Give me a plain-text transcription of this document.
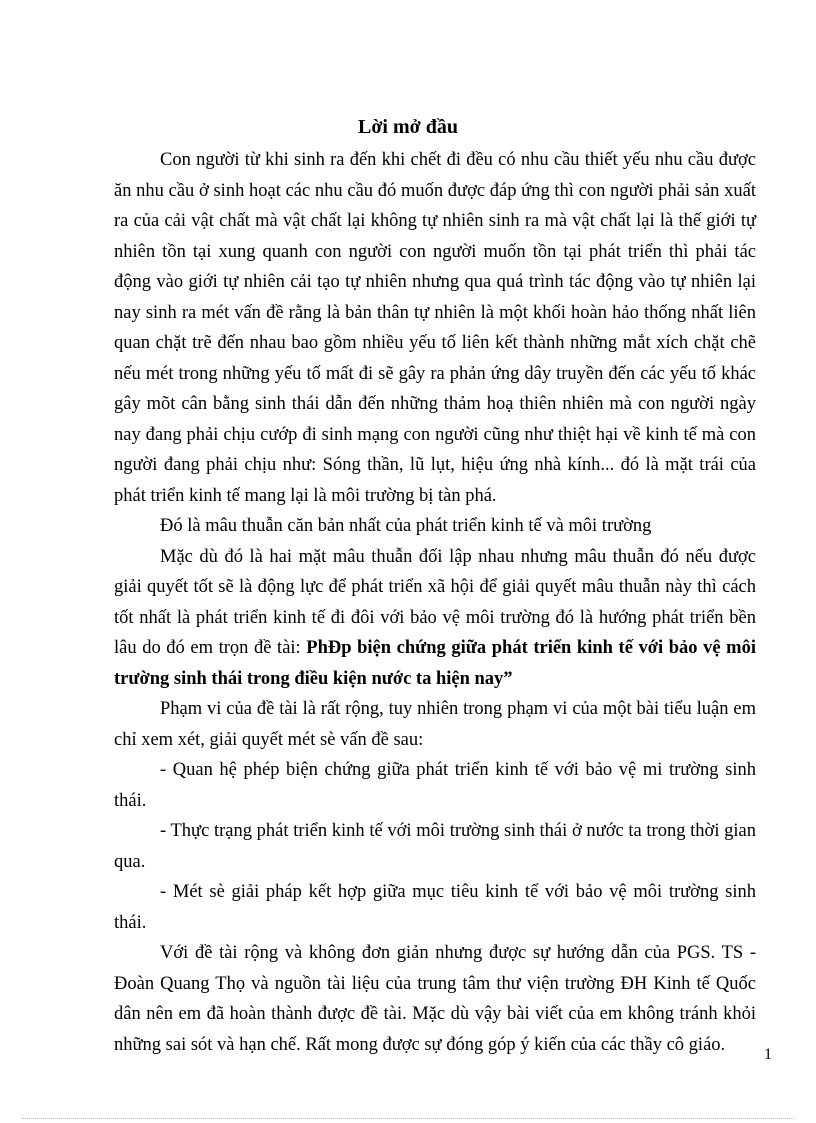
Lời mở đầu

Con người từ khi sinh ra đến khi chết đi đều có nhu cầu thiết yếu nhu cầu được ăn nhu cầu ở sinh hoạt các nhu cầu đó muốn được đáp ứng thì con người phải sản xuất ra của cải vật chất mà vật chất lại không tự nhiên sinh ra mà vật chất lại là thế giới tự nhiên tồn tại xung quanh con người con người muốn tồn tại phát triển thì phải tác động vào giới tự nhiên cải tạo tự nhiên nhưng qua quá trình tác động vào tự nhiên lại nay sinh ra mét vấn đề rằng là bản thân tự nhiên là một khối hoàn hảo thống nhất liên quan chặt trẽ đến nhau bao gồm nhiều yếu tố liên kết thành những mắt xích chặt chẽ nếu mét trong những yếu tố mất đi sẽ gây ra phản ứng dây truyền đến các yếu tố khác gây mõt cân bằng sinh thái dẫn đến những thảm hoạ thiên nhiên mà con người ngày nay đang phải chịu cướp đi sinh mạng con người cũng như thiệt hại về kinh tế mà con người đang phải chịu như: Sóng thần, lũ lụt, hiệu ứng nhà kính... đó là mặt trái của phát triển kinh tế mang lại là môi trường bị tàn phá.

Đó là mâu thuẫn căn bản nhất của phát triển kinh tế và môi trường

Mặc dù đó là hai mặt mâu thuẫn đối lập nhau nhưng mâu thuẫn đó nếu được giải quyết tốt sẽ là động lực để phát triển xã hội để giải quyết mâu thuẫn này thì cách tốt nhất là phát triển kinh tế đi đôi với bảo vệ môi trường đó là hướng phát triển bền lâu do đó em trọn đề tài: PhĐp biện chứng giữa phát triển kinh tế với bảo vệ môi trường sinh thái trong điều kiện nước ta hiện nay”

Phạm vi của đề tài là rất rộng, tuy nhiên trong phạm vi của một bài tiểu luận em chỉ xem xét, giải quyết mét sè vấn đề sau:

- Quan hệ phép biện chứng giữa phát triển kinh tế với bảo vệ mi trường sinh thái.

- Thực trạng phát triển kinh tế với môi trường sinh thái ở nước ta trong thời gian qua.

- Mét sè giải pháp kết hợp giữa mục tiêu kinh tế với bảo vệ môi trường sinh thái.

Với đề tài rộng và không đơn giản nhưng được sự hướng dẫn của PGS. TS - Đoàn Quang Thọ và nguồn tài liệu của trung tâm thư viện trường ĐH Kinh tế Quốc dân nên em đã hoàn thành được đề tài. Mặc dù vậy bài viết của em không tránh khỏi những sai sót và hạn chế. Rất mong được sự đóng góp ý kiến của các thầy cô giáo.	1
